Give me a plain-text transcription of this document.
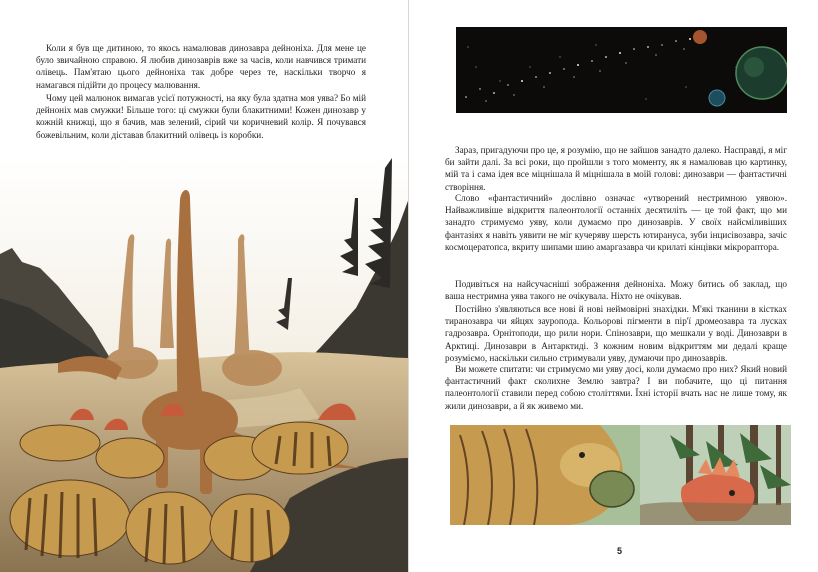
Коли я був ще дитиною, то якось намалював динозавра дейноніха. Для мене це було звичайною справою. Я любив динозаврів вже за часів, коли навчився тримати олівець. Пам'ятаю цього дейноніха так добре через те, наскільки творчо я намагався підійти до процесу малювання.

Чому цей малюнок вимагав усієї потужності, на яку була здатна моя уява? Бо мій дейноніх мав смужки! Більше того: ці смужки були блакитними! Кожен динозавр у кожній книжці, що я бачив, мав зелений, сірий чи коричневий колір. Я почувався божевільним, коли діставав блакитний олівець із коробки.

Зараз, пригадуючи про це, я розумію, що не зайшов занадто далеко. Насправді, я міг би зайти далі. За всі роки, що пройшли з того моменту, як я намалював цю картинку, мій та і сама ідея все міцнішала й міцнішала в моїй голові: динозаври — фантастичні створіння.

Слово «фантастичний» дослівно означає «утворений нестримною уявою». Найважливіше відкриття палеонтології останніх десятиліть — це той факт, що ми занадто стримуємо уяву, коли думаємо про динозаврів. У своїх найсміливіших фантазіях я навіть уявити не міг кучеряву шерсть ютирануса, зуби інцисівозавра, зачіс космоцератопса, вкриту шипами шию амаргазавра чи крилаті кінцівки мікрораптора.

Подивіться на найсучасніші зображення дейноніха. Можу битись об заклад, що ваша нестримна уява такого не очікувала. Ніхто не очікував.

Постійно з'являються все нові й нові неймовірні знахідки. М'які тканини в кістках тиранозавра чи яйцях зауропода. Кольорові пігменти в пір'ї дромеозавра та лусках гадрозавра. Орнітоподи, що рили нори. Спінозаври, що мешкали у воді. Динозаври в Арктиці. Динозаври в Антарктиді. З кожним новим відкриттям ми дедалі краще розуміємо, наскільки сильно стримували уяву, думаючи про динозаврів.

Ви можете спитати: чи стримуємо ми уяву досі, коли думаємо про них? Який новий фантастичний факт сколихне Землю завтра? І ви побачите, що ці питання палеонтології ставили перед собою століттями. Їхні історії вчать нас не лише тому, як жили динозаври, а й як живемо ми.

5
